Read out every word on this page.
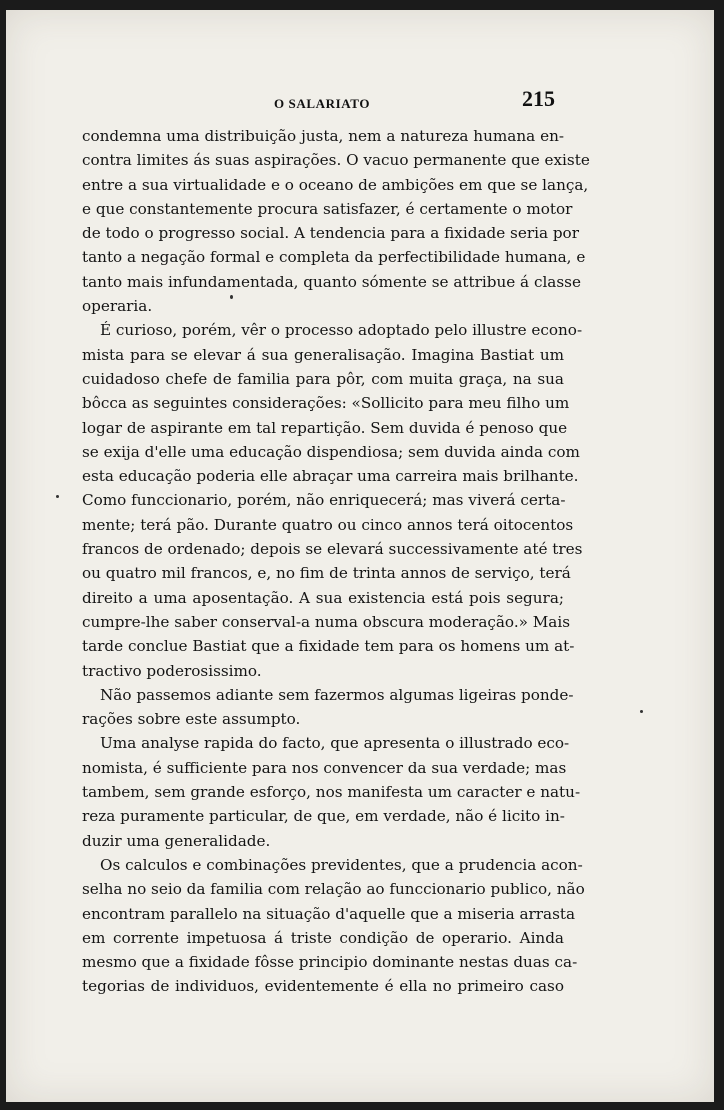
O SALARIATO	215
condemna uma distribuição justa, nem a natureza humana en-
contra limites ás suas aspirações. O vacuo permanente que existe
entre a sua virtualidade e o oceano de ambições em que se lança,
e que constantemente procura satisfazer, é certamente o motor
de todo o progresso social. A tendencia para a fixidade seria por
tanto a negação formal e completa da perfectibilidade humana, e
tanto mais infundamentada, quanto sómente se attribue á classe
operaria.
É curioso, porém, vêr o processo adoptado pelo illustre econo-
mista para se elevar á sua generalisação. Imagina Bastiat um
cuidadoso chefe de familia para pôr, com muita graça, na sua
bôcca as seguintes considerações: «Sollicito para meu filho um
logar de aspirante em tal repartição. Sem duvida é penoso que
se exija d'elle uma educação dispendiosa; sem duvida ainda com
esta educação poderia elle abraçar uma carreira mais brilhante.
Como funccionario, porém, não enriquecerá; mas viverá certa-
mente; terá pão. Durante quatro ou cinco annos terá oitocentos
francos de ordenado; depois se elevará successivamente até tres
ou quatro mil francos, e, no fim de trinta annos de serviço, terá
direito a uma aposentação. A sua existencia está pois segura;
cumpre-lhe saber conserval-a numa obscura moderação.» Mais
tarde conclue Bastiat que a fixidade tem para os homens um at-
tractivo poderosissimo.
Não passemos adiante sem fazermos algumas ligeiras ponde-
rações sobre este assumpto.
Uma analyse rapida do facto, que apresenta o illustrado eco-
nomista, é sufficiente para nos convencer da sua verdade; mas
tambem, sem grande esforço, nos manifesta um caracter e natu-
reza puramente particular, de que, em verdade, não é licito in-
duzir uma generalidade.
Os calculos e combinações previdentes, que a prudencia acon-
selha no seio da familia com relação ao funccionario publico, não
encontram parallelo na situação d'aquelle que a miseria arrasta
em corrente impetuosa á triste condição de operario. Ainda
mesmo que a fixidade fôsse principio dominante nestas duas ca-
tegorias de individuos, evidentemente é ella no primeiro caso
